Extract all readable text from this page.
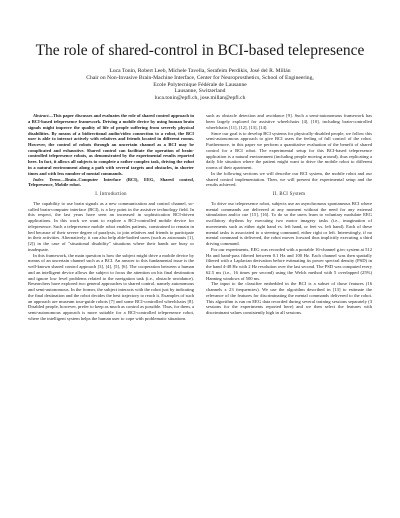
The role of shared-control in BCI-based telepresence
Luca Tonin, Robert Leeb, Michele Tavella, Serafeim Perdikis, José del R. Millán
Chair on Non-Invasive Brain-Machine Interface, Center for Neuroprosthetics, School of Engineering,
Ecole Polytecnique Fédérale de Lausanne
Lausanne, Switzerland
luca.tonin@epfl.ch, jose.millan@epfl.ch

Abstract—This paper discusses and evaluates the role of shared control approach in a BCI-based telepresence framework. Driving a mobile device by using human brain signals might improve the quality of life of people suffering from severely physical disabilities. By means of a bidirectional audio/video connection to a robot, the BCI user is able to interact actively with relatives and friends located in different rooms. However, the control of robots through an uncertain channel as a BCI may be complicated and exhaustive. Shared control can facilitate the operation of brain-controlled telepresence robots, as demonstrated by the experimental results reported here. In fact, it allows all subjects to complete a rather complex task, driving the robot in a natural environment along a path with several targets and obstacles, in shorter times and with less number of mental commands.

Index Terms—Brain–Computer Interface (BCI), EEG, Shared control, Telepresence, Mobile robot.

I. Introduction

The capability to use brain signals as a new communication and control channel, so-called brain-computer interface (BCI), is a key point in the assistive technology field. In this respect, the last years have seen an increased in sophistication BCI-driven applications. In this work we want to explore a BCI-controlled mobile device for telepresence. Such a telepresence mobile robot enables patients, constrained to remain in bed because of their severe degree of paralysis, to join relatives and friends to participate in their activities. Alternatively, it can also help able-bodied users (such as astronauts [1], [2]) in the case of "situational disability" situations where their hands are busy or inadequate.

In this framework, the main question is how the subject might drive a mobile device by means of an uncertain channel such as a BCI. An answer to this fundamental issue is the well-known shared control approach [3], [4], [5], [6]. The cooperation between a human and an intelligent device allows the subject to focus the attention on his final destination and ignore low level problems related to the navigation task (i.e., obstacle avoidance). Researchers have explored two general approaches to shared control, namely autonomous and semi-autonomous. In the former, the subject interacts with the robot just by indicating the final destination and the robot decides the best trajectory to reach it. Examples of such an approach are museum tour-guide robots [7] and some BCI-controlled wheelchairs [8]. Disabled people, however, prefer to keep as much as control as possible. Thus, for them, a semi-autonomous approach is more suitable for a BCI-controlled telepresence robot, where the intelligent system helps the human user to cope with problematic situations

such as obstacle detection and avoidance [9]. Such a semi-autonomous framework has been largely explored for assistive wheelchairs [4], [10], including brain-controlled wheelchairs [11], [12], [13], [14].

Since our goal is to develop BCI systems for physically-disabled people, we follow this semi-autonomous approach to give BCI users the feeling of full control of the robot. Furthermore, in this paper we perform a quantitative evaluation of the benefit of shared control for a BCI robot. The experimental setup for this BCI-based telepresence application is a natural environment (including people moving around), thus replicating a daily life situation where the patient might want to drive the mobile robot to different rooms of their apartment.

In the following sections we will describe our BCI system, the mobile robot and our shared control implementation. Then, we will present the experimental setup and the results achieved.

II. BCI System

To drive our telepresence robot, subjects use an asynchronous spontaneous BCI where mental commands are delivered at any moment without the need for any external stimulation and/or cue [15], [16]. To do so the users learn to voluntary modulate EEG oscillatory rhythms by executing two motor imagery tasks (i.e., imagination of movements such as either right hand vs. left hand, or feet vs. left hand). Each of these mental tasks is associated to a steering command, either right or left. Interestingly, if no mental command is delivered, the robot moves forward thus implicitly executing a third driving command.

For our experiments, EEG was recorded with a portable 16-channel g.tec system at 512 Hz and band-pass filtered between 0.1 Hz and 100 Hz. Each channel was then spatially filtered with a Laplacian derivation before estimating its power spectral density (PSD) in the band 4-48 Hz with 2 Hz resolution over the last second. The PSD was computed every 62.5 ms (i.e., 16 times per second) using the Welch method with 5 overlapped (25%) Hanning windows of 500 ms.

The input to the classifier embedded in the BCI is a subset of those features (16 channels x 23 frequencies). We use the algorithm described in [13] to estimate the relevance of the features for discriminating the mental commands delivered to the robot. This algorithm is run on EEG data recorded during several training sessions separately (3 sessions for the experiments reported here) and we then select the features with discriminant values consistently high in all sessions.
